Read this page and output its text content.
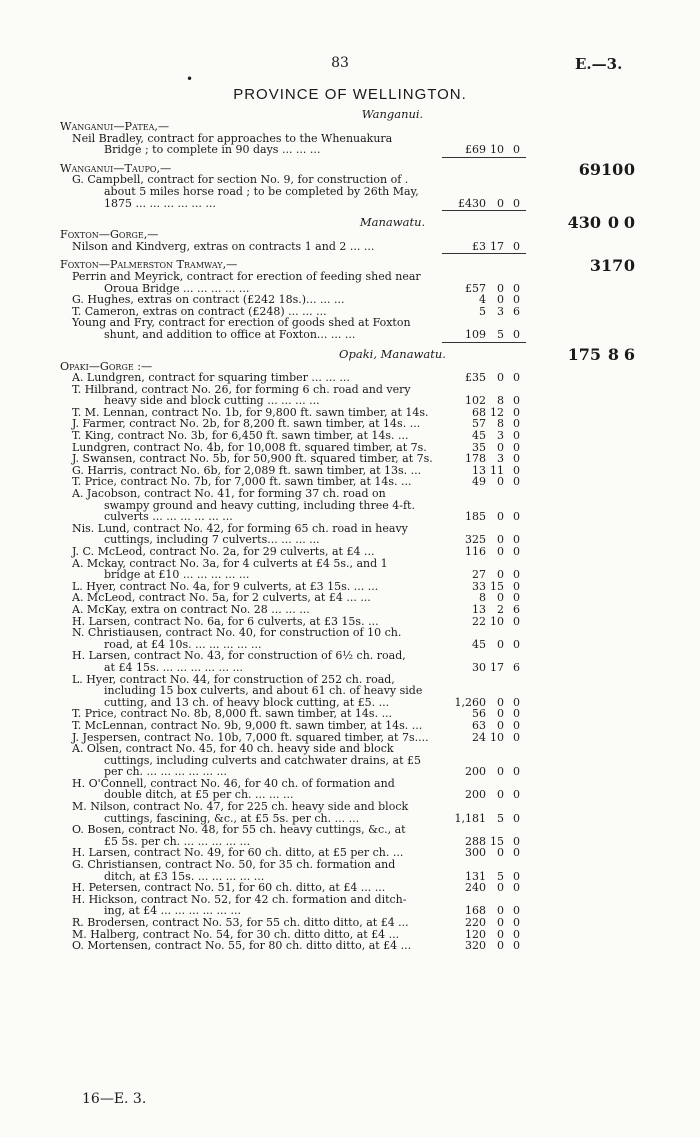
83	E.—3.
•
PROVINCE OF WELLINGTON.
Wanganui.
Wanganui—Patea,—
Neil Bradley, contract for approaches to the Whenuakura
Bridge ; to complete in 90 days ... ... ...	£69 10 0
69 10 0
Wanganui—Taupo,—
G. Campbell, contract for section No. 9, for construction of .
about 5 miles horse road ; to be completed by 26th May,
1875 ... ... ... ... ... ...	£430	0 0
430 0 0
Manawatu.
Foxton—Gorge,—
Nilson and Kindverg, extras on contracts 1 and 2 ... ...	£3 17 0
3 17 0
Foxton—Palmerston Tramway,—
Perrin and Meyrick, contract for erection of feeding shed near
Oroua Bridge ... ... ... ... ...	£57	0 0
G. Hughes, extras on contract (£242 18s.)... ... ...	4	0 0
T. Cameron, extras on contract (£248) ... ... ...	5	3 6
Young and Fry, contract for erection of goods shed at Foxton
shunt, and addition to office at Foxton... ... ...	109	5 0
175 8 6
Opaki, Manawatu.
Opaki—Gorge :—
A. Lundgren, contract for squaring timber ... ... ...	£35	0 0
T. Hilbrand, contract No. 26, for forming 6 ch. road and very
heavy side and block cutting ... ... ... ...	102	8 0
T. M. Lennan, contract No. 1b, for 9,800 ft. sawn timber, at 14s.	68 12 0
J. Farmer, contract No. 2b, for 8,200 ft. sawn timber, at 14s. ...	57	8 0
T. King, contract No. 3b, for 6,450 ft. sawn timber, at 14s. ...	45	3 0
Lundgren, contract No. 4b, for 10,008 ft. squared timber, at 7s.	35	0 0
J. Swansen, contract No. 5b, for 50,900 ft. squared timber, at 7s.	178	3 0
G. Harris, contract No. 6b, for 2,089 ft. sawn timber, at 13s. ...	13 11 0
T. Price, contract No. 7b, for 7,000 ft. sawn timber, at 14s. ...	49	0 0
A. Jacobson, contract No. 41, for forming 37 ch. road on
swampy ground and heavy cutting, including three 4-ft.
culverts ... ... ... ... ... ...	185	0 0
Nis. Lund, contract No. 42, for forming 65 ch. road in heavy
cuttings, including 7 culverts... ... ... ...	325	0 0
J. C. McLeod, contract No. 2a, for 29 culverts, at £4 ...	116	0 0
A. Mckay, contract No. 3a, for 4 culverts at £4 5s., and 1
bridge at £10 ... ... ... ... ...	27	0 0
L. Hyer, contract No. 4a, for 9 culverts, at £3 15s. ... ...	33 15 0
A. McLeod, contract No. 5a, for 2 culverts, at £4 ... ...	8	0 0
A. McKay, extra on contract No. 28 ... ... ...	13	2 6
H. Larsen, contract No. 6a, for 6 culverts, at £3 15s. ...	22 10 0
N. Christiausen, contract No. 40, for construction of 10 ch.
road, at £4 10s. ... ... ... ... ...	45	0 0
H. Larsen, contract No. 43, for construction of 6½ ch. road,
at £4 15s. ... ... ... ... ... ...	30 17 6
L. Hyer, contract No. 44, for construction of 252 ch. road,
including 15 box culverts, and about 61 ch. of heavy side
cutting, and 13 ch. of heavy block cutting, at £5. ...	1,260	0 0
T. Price, contract No. 8b, 8,000 ft. sawn timber, at 14s. ...	56	0 0
T. McLennan, contract No. 9b, 9,000 ft. sawn timber, at 14s. ...	63	0 0
J. Jespersen, contract No. 10b, 7,000 ft. squared timber, at 7s....	24 10 0
A. Olsen, contract No. 45, for 40 ch. heavy side and block
cuttings, including culverts and catchwater drains, at £5
per ch. ... ... ... ... ... ...	200	0 0
H. O'Connell, contract No. 46, for 40 ch. of formation and
double ditch, at £5 per ch. ... ... ...	200	0 0
M. Nilson, contract No. 47, for 225 ch. heavy side and block
cuttings, fascining, &c., at £5 5s. per ch. ... ...	1,181	5 0
O. Bosen, contract No. 48, for 55 ch. heavy cuttings, &c., at
£5 5s. per ch. ... ... ... ... ...	288 15 0
H. Larsen, contract No. 49, for 60 ch. ditto, at £5 per ch. ...	300	0 0
G. Christiansen, contract No. 50, for 35 ch. formation and
ditch, at £3 15s. ... ... ... ... ...	131	5 0
H. Petersen, contract No. 51, for 60 ch. ditto, at £4 ... ...	240	0 0
H. Hickson, contract No. 52, for 42 ch. formation and ditch-
ing, at £4 ... ... ... ... ... ...	168	0 0
R. Brodersen, contract No. 53, for 55 ch. ditto ditto, at £4 ...	220	0 0
M. Halberg, contract No. 54, for 30 ch. ditto ditto, at £4 ...	120	0 0
O. Mortensen, contract No. 55, for 80 ch. ditto ditto, at £4 ...	320	0 0
16—E. 3.
